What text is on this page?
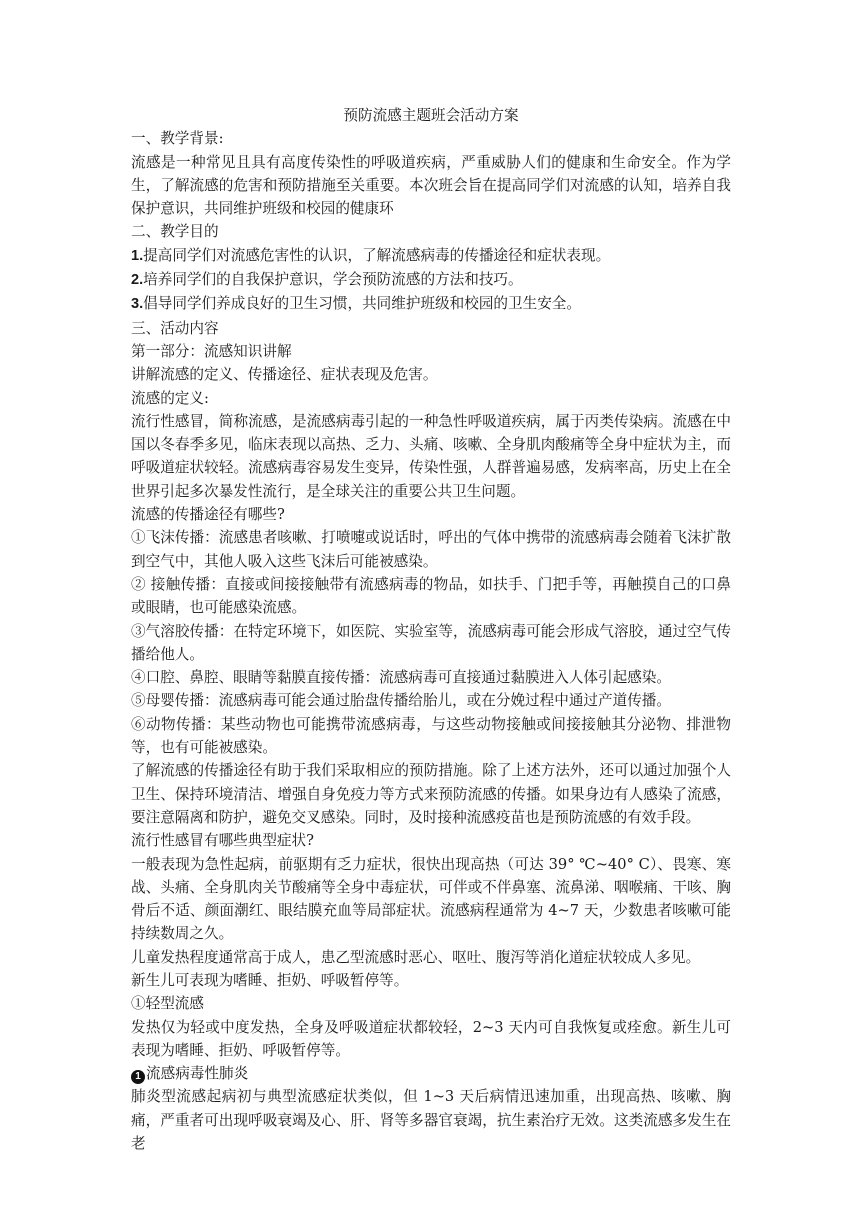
预防流感主题班会活动方案

一、教学背景:

流感是一种常见且具有高度传染性的呼吸道疾病，严重威胁人们的健康和生命安全。作为学生，了解流感的危害和预防措施至关重要。本次班会旨在提高同学们对流感的认知，培养自我保护意识，共同维护班级和校园的健康环

二、教学目的

1.提高同学们对流感危害性的认识，了解流感病毒的传播途径和症状表现。

2.培养同学们的自我保护意识，学会预防流感的方法和技巧。

3.倡导同学们养成良好的卫生习惯，共同维护班级和校园的卫生安全。

三、活动内容

第一部分：流感知识讲解

讲解流感的定义、传播途径、症状表现及危害。

流感的定义:

流行性感冒，简称流感，是流感病毒引起的一种急性呼吸道疾病，属于丙类传染病。流感在中国以冬春季多见，临床表现以高热、乏力、头痛、咳嗽、全身肌肉酸痛等全身中症状为主，而呼吸道症状较轻。流感病毒容易发生变异，传染性强，人群普遍易感，发病率高，历史上在全世界引起多次暴发性流行，是全球关注的重要公共卫生问题。

流感的传播途径有哪些?

①飞沫传播：流感患者咳嗽、打喷嚏或说话时，呼出的气体中携带的流感病毒会随着飞沫扩散到空气中，其他人吸入这些飞沫后可能被感染。

② 接触传播：直接或间接接触带有流感病毒的物品，如扶手、门把手等，再触摸自己的口鼻或眼睛，也可能感染流感。

③气溶胶传播：在特定环境下，如医院、实验室等，流感病毒可能会形成气溶胶，通过空气传播给他人。

④口腔、鼻腔、眼睛等黏膜直接传播：流感病毒可直接通过黏膜进入人体引起感染。

⑤母婴传播：流感病毒可能会通过胎盘传播给胎儿，或在分娩过程中通过产道传播。

⑥动物传播：某些动物也可能携带流感病毒，与这些动物接触或间接接触其分泌物、排泄物等，也有可能被感染。

了解流感的传播途径有助于我们采取相应的预防措施。除了上述方法外，还可以通过加强个人卫生、保持环境清洁、增强自身免疫力等方式来预防流感的传播。如果身边有人感染了流感，要注意隔离和防护，避免交叉感染。同时，及时接种流感疫苗也是预防流感的有效手段。

流行性感冒有哪些典型症状?

一般表现为急性起病，前驱期有乏力症状，很快出现高热（可达 39° ℃~40° C）、畏寒、寒战、头痛、全身肌肉关节酸痛等全身中毒症状，可伴或不伴鼻塞、流鼻涕、咽喉痛、干咳、胸骨后不适、颜面潮红、眼结膜充血等局部症状。流感病程通常为 4~7 天，少数患者咳嗽可能持续数周之久。

儿童发热程度通常高于成人，患乙型流感时恶心、呕吐、腹泻等消化道症状较成人多见。

新生儿可表现为嗜睡、拒奶、呼吸暂停等。

①轻型流感

发热仅为轻或中度发热，全身及呼吸道症状都较轻，2~3 天内可自我恢复或痊愈。新生儿可表现为嗜睡、拒奶、呼吸暂停等。

1 流感病毒性肺炎

肺炎型流感起病初与典型流感症状类似，但 1~3 天后病情迅速加重，出现高热、咳嗽、胸痛，严重者可出现呼吸衰竭及心、肝、肾等多器官衰竭，抗生素治疗无效。这类流感多发生在老
